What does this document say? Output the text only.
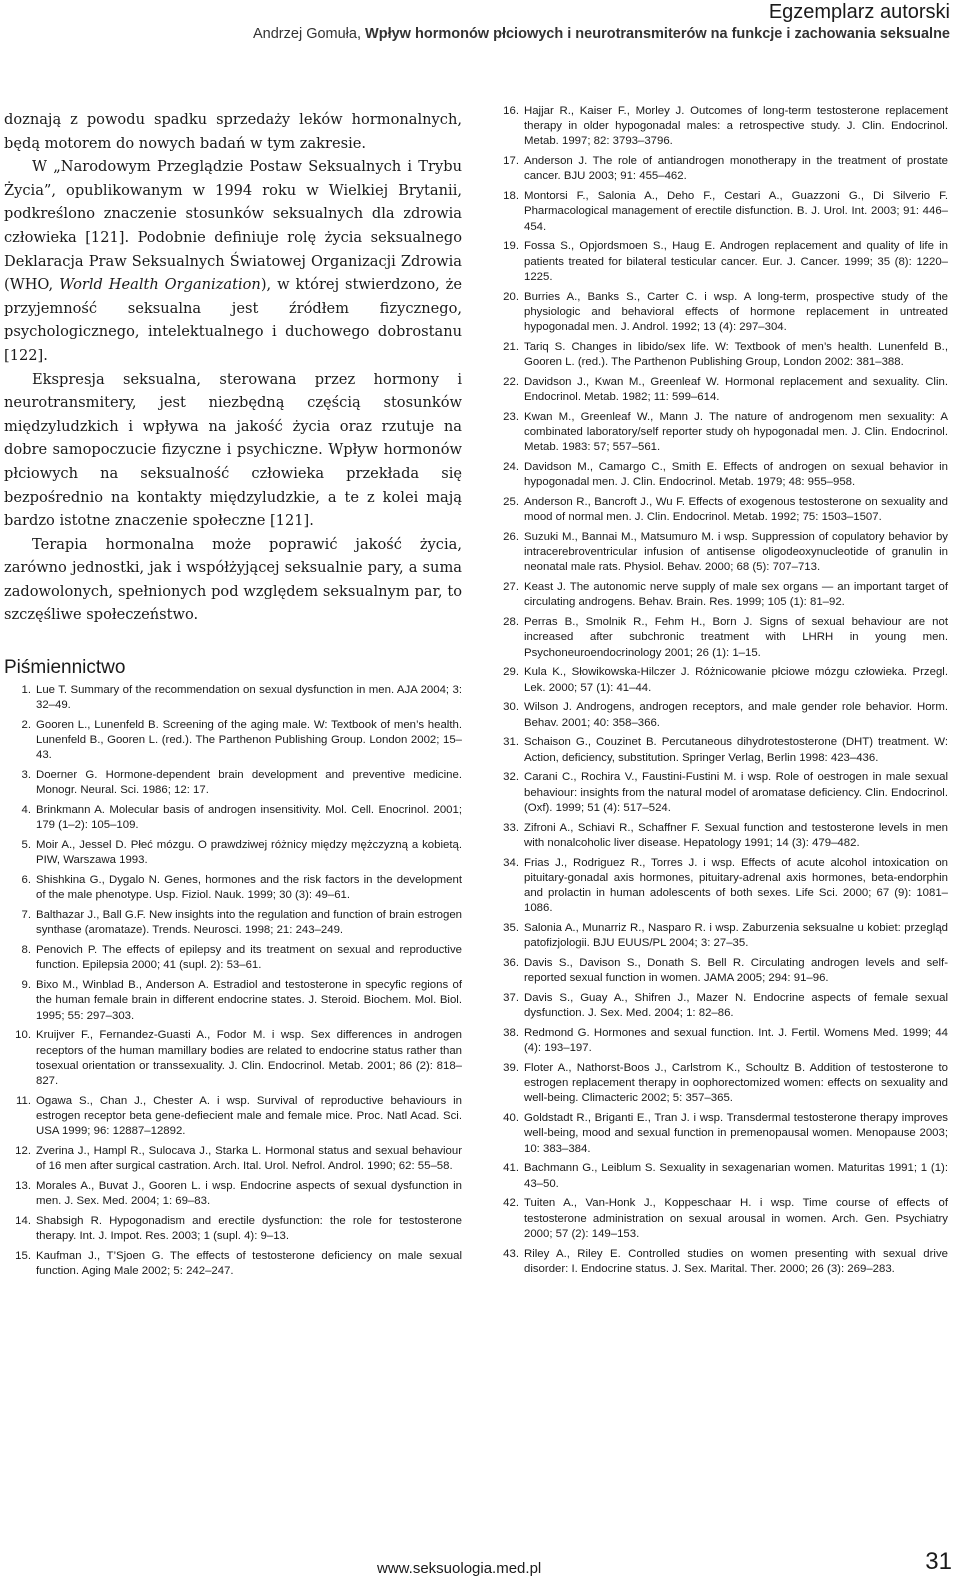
Egzemplarz autorski
Andrzej Gomuła, Wpływ hormonów płciowych i neurotransmiterów na funkcje i zachowania seksualne

doznają z powodu spadku sprzedaży leków hormonalnych, będą motorem do nowych badań w tym zakresie.

W „Narodowym Przeglądzie Postaw Seksualnych i Trybu Życia”, opublikowanym w 1994 roku w Wielkiej Brytanii, podkreślono znaczenie stosunków seksualnych dla zdrowia człowieka [121]. Podobnie definiuje rolę życia seksualnego Deklaracja Praw Seksualnych Światowej Organizacji Zdrowia (WHO, World Health Organization), w której stwierdzono, że przyjemność seksualna jest źródłem fizycznego, psychologicznego, intelektualnego i duchowego dobrostanu [122].

Ekspresja seksualna, sterowana przez hormony i neurotransmitery, jest niezbędną częścią stosunków międzyludzkich i wpływa na jakość życia oraz rzutuje na dobre samopoczucie fizyczne i psychiczne. Wpływ hormonów płciowych na seksualność człowieka przekłada się bezpośrednio na kontakty międzyludzkie, a te z kolei mają bardzo istotne znaczenie społeczne [121].

Terapia hormonalna może poprawić jakość życia, zarówno jednostki, jak i współżyjącej seksualnie pary, a suma zadowolonych, spełnionych pod względem seksualnym par, to szczęśliwe społeczeństwo.

Piśmiennictwo
1. Lue T. Summary of the recommendation on sexual dysfunction in men. AJA 2004; 3: 32–49.
2. Gooren L., Lunenfeld B. Screening of the aging male. W: Textbook of men’s health. Lunenfeld B., Gooren L. (red.). The Parthenon Publishing Group. London 2002; 15–43.
3. Doerner G. Hormone-dependent brain development and preventive medicine. Monogr. Neural. Sci. 1986; 12: 17.
4. Brinkmann A. Molecular basis of androgen insensitivity. Mol. Cell. Enocrinol. 2001; 179 (1–2): 105–109.
5. Moir A., Jessel D. Płeć mózgu. O prawdziwej różnicy między mężczyzną a kobietą. PIW, Warszawa 1993.
6. Shishkina G., Dygalo N. Genes, hormones and the risk factors in the development of the male phenotype. Usp. Fiziol. Nauk. 1999; 30 (3): 49–61.
7. Balthazar J., Ball G.F. New insights into the regulation and function of brain estrogen synthase (aromataze). Trends. Neurosci. 1998; 21: 243–249.
8. Penovich P. The effects of epilepsy and its treatment on sexual and reproductive function. Epilepsia 2000; 41 (supl. 2): 53–61.
9. Bixo M., Winblad B., Anderson A. Estradiol and testosterone in specyfic regions of the human female brain in different endocrine states. J. Steroid. Biochem. Mol. Biol. 1995; 55: 297–303.
10. Kruijver F., Fernandez-Guasti A., Fodor M. i wsp. Sex differences in androgen receptors of the human mamillary bodies are related to endocrine status rather than tosexual orientation or transsexuality. J. Clin. Endocrinol. Metab. 2001; 86 (2): 818–827.
11. Ogawa S., Chan J., Chester A. i wsp. Survival of reproductive behaviours in estrogen receptor beta gene-defiecient male and female mice. Proc. Natl Acad. Sci. USA 1999; 96: 12887–12892.
12. Zverina J., Hampl R., Sulocava J., Starka L. Hormonal status and sexual behaviour of 16 men after surgical castration. Arch. Ital. Urol. Nefrol. Androl. 1990; 62: 55–58.
13. Morales A., Buvat J., Gooren L. i wsp. Endocrine aspects of sexual dysfunction in men. J. Sex. Med. 2004; 1: 69–83.
14. Shabsigh R. Hypogonadism and erectile dysfunction: the role for testosterone therapy. Int. J. Impot. Res. 2003; 1 (supl. 4): 9–13.
15. Kaufman J., T’Sjoen G. The effects of testosterone deficiency on male sexual function. Aging Male 2002; 5: 242–247.
16. Hajjar R., Kaiser F., Morley J. Outcomes of long-term testosterone replacement therapy in older hypogonadal males: a retrospective study. J. Clin. Endocrinol. Metab. 1997; 82: 3793–3796.
17. Anderson J. The role of antiandrogen monotherapy in the treatment of prostate cancer. BJU 2003; 91: 455–462.
18. Montorsi F., Salonia A., Deho F., Cestari A., Guazzoni G., Di Silverio F. Pharmacological management of erectile disfunction. B. J. Urol. Int. 2003; 91: 446–454.
19. Fossa S., Opjordsmoen S., Haug E. Androgen replacement and quality of life in patients treated for bilateral testicular cancer. Eur. J. Cancer. 1999; 35 (8): 1220–1225.
20. Burries A., Banks S., Carter C. i wsp. A long-term, prospective study of the physiologic and behavioral effects of hormone replacement in untreated hypogonadal men. J. Androl. 1992; 13 (4): 297–304.
21. Tariq S. Changes in libido/sex life. W: Textbook of men’s health. Lunenfeld B., Gooren L. (red.). The Parthenon Publishing Group, London 2002: 381–388.
22. Davidson J., Kwan M., Greenleaf W. Hormonal replacement and sexuality. Clin. Endocrinol. Metab. 1982; 11: 599–614.
23. Kwan M., Greenleaf W., Mann J. The nature of androgenom men sexuality: A combinated laboratory/self reporter study oh hypogonadal men. J. Clin. Endocrinol. Metab. 1983: 57; 557–561.
24. Davidson M., Camargo C., Smith E. Effects of androgen on sexual behavior in hypogonadal men. J. Clin. Endocrinol. Metab. 1979; 48: 955–958.
25. Anderson R., Bancroft J., Wu F. Effects of exogenous testosterone on sexuality and mood of normal men. J. Clin. Endocrinol. Metab. 1992; 75: 1503–1507.
26. Suzuki M., Bannai M., Matsumuro M. i wsp. Suppression of copulatory behavior by intracerebroventricular infusion of antisense oligodeoxynucleotide of granulin in neonatal male rats. Physiol. Behav. 2000; 68 (5): 707–713.
27. Keast J. The autonomic nerve supply of male sex organs — an important target of circulating androgens. Behav. Brain. Res. 1999; 105 (1): 81–92.
28. Perras B., Smolnik R., Fehm H., Born J. Signs of sexual behaviour are not increased after subchronic treatment with LHRH in young men. Psychoneuroendocrinology 2001; 26 (1): 1–15.
29. Kula K., Słowikowska-Hilczer J. Różnicowanie płciowe mózgu człowieka. Przegl. Lek. 2000; 57 (1): 41–44.
30. Wilson J. Androgens, androgen receptors, and male gender role behavior. Horm. Behav. 2001; 40: 358–366.
31. Schaison G., Couzinet B. Percutaneous dihydrotestosterone (DHT) treatment. W: Action, deficiency, substitution. Springer Verlag, Berlin 1998: 423–436.
32. Carani C., Rochira V., Faustini-Fustini M. i wsp. Role of oestrogen in male sexual behaviour: insights from the natural model of aromatase deficiency. Clin. Endocrinol. (Oxf). 1999; 51 (4): 517–524.
33. Zifroni A., Schiavi R., Schaffner F. Sexual function and testosterone levels in men with nonalcoholic liver disease. Hepatology 1991; 14 (3): 479–482.
34. Frias J., Rodriguez R., Torres J. i wsp. Effects of acute alcohol intoxication on pituitary-gonadal axis hormones, pituitary-adrenal axis hormones, beta-endorphin and prolactin in human adolescents of both sexes. Life Sci. 2000; 67 (9): 1081–1086.
35. Salonia A., Munarriz R., Nasparo R. i wsp. Zaburzenia seksualne u kobiet: przegląd patofizjologii. BJU EUUS/PL 2004; 3: 27–35.
36. Davis S., Davison S., Donath S. Bell R. Circulating androgen levels and self-reported sexual function in women. JAMA 2005; 294: 91–96.
37. Davis S., Guay A., Shifren J., Mazer N. Endocrine aspects of female sexual dysfunction. J. Sex. Med. 2004; 1: 82–86.
38. Redmond G. Hormones and sexual function. Int. J. Fertil. Womens Med. 1999; 44 (4): 193–197.
39. Floter A., Nathorst-Boos J., Carlstrom K., Schoultz B. Addition of testosterone to estrogen replacement therapy in oophorectomized women: effects on sexuality and well-being. Climacteric 2002; 5: 357–365.
40. Goldstadt R., Briganti E., Tran J. i wsp. Transdermal testosterone therapy improves well-being, mood and sexual function in premenopausal women. Menopause 2003; 10: 383–384.
41. Bachmann G., Leiblum S. Sexuality in sexagenarian women. Maturitas 1991; 1 (1): 43–50.
42. Tuiten A., Van-Honk J., Koppeschaar H. i wsp. Time course of effects of testosterone administration on sexual arousal in women. Arch. Gen. Psychiatry 2000; 57 (2): 149–153.
43. Riley A., Riley E. Controlled studies on women presenting with sexual drive disorder: I. Endocrine status. J. Sex. Marital. Ther. 2000; 26 (3): 269–283.
www.seksuologia.med.pl	31
